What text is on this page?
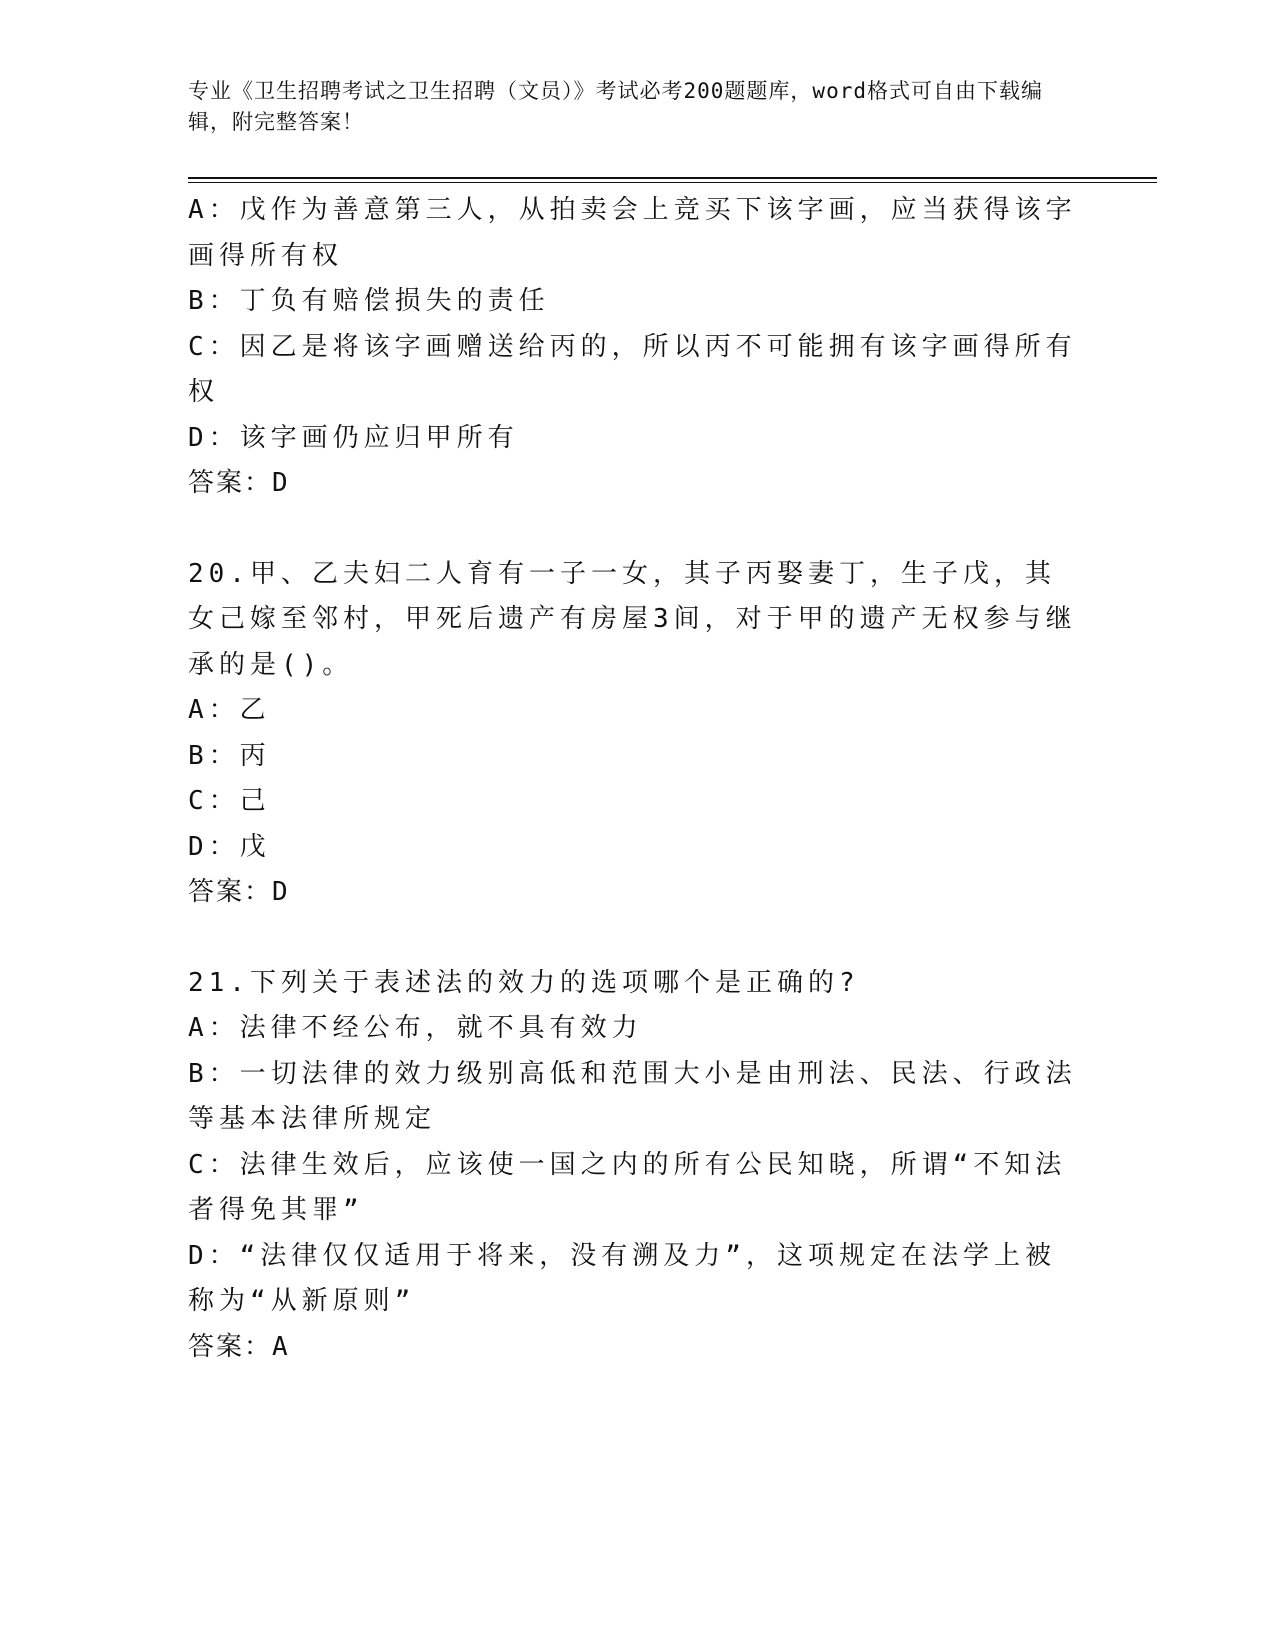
专业《卫生招聘考试之卫生招聘（文员）》考试必考200题题库，word格式可自由下载编辑，附完整答案！

A：戊作为善意第三人，从拍卖会上竞买下该字画，应当获得该字画得所有权

B：丁负有赔偿损失的责任

C：因乙是将该字画赠送给丙的，所以丙不可能拥有该字画得所有权

D：该字画仍应归甲所有

答案：D

20.甲、乙夫妇二人育有一子一女，其子丙娶妻丁，生子戊，其女己嫁至邻村，甲死后遗产有房屋3间，对于甲的遗产无权参与继承的是()。

A：乙

B：丙

C：己

D：戊

答案：D

21.下列关于表述法的效力的选项哪个是正确的?

A：法律不经公布，就不具有效力

B：一切法律的效力级别高低和范围大小是由刑法、民法、行政法等基本法律所规定

C：法律生效后，应该使一国之内的所有公民知晓，所谓“不知法者得免其罪”

D：“法律仅仅适用于将来，没有溯及力”，这项规定在法学上被称为“从新原则”

答案：A
